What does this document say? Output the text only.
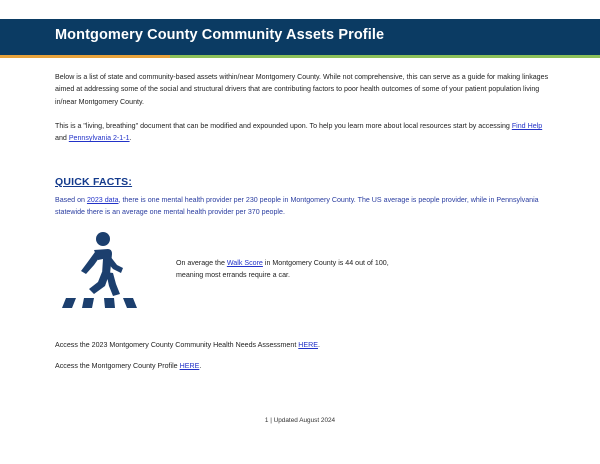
Montgomery County Community Assets Profile

Below is a list of state and community-based assets within/near Montgomery County. While not comprehensive, this can serve as a guide for making linkages aimed at addressing some of the social and structural drivers that are contributing factors to poor health outcomes of some of your patient population living in/near Montgomery County.

This is a "living, breathing" document that can be modified and expounded upon. To help you learn more about local resources start by accessing Find Help and Pennsylvania 2-1-1.

QUICK FACTS:

Based on 2023 data, there is one mental health provider per 230 people in Montgomery County. The US average is people provider, while in Pennsylvania statewide there is an average one mental health provider per 370 people.

On average the Walk Score in Montgomery County is 44 out of 100,
meaning most errands require a car.

Access the 2023 Montgomery County Community Health Needs Assessment HERE.

Access the Montgomery County Profile HERE.

1 | Updated August 2024
